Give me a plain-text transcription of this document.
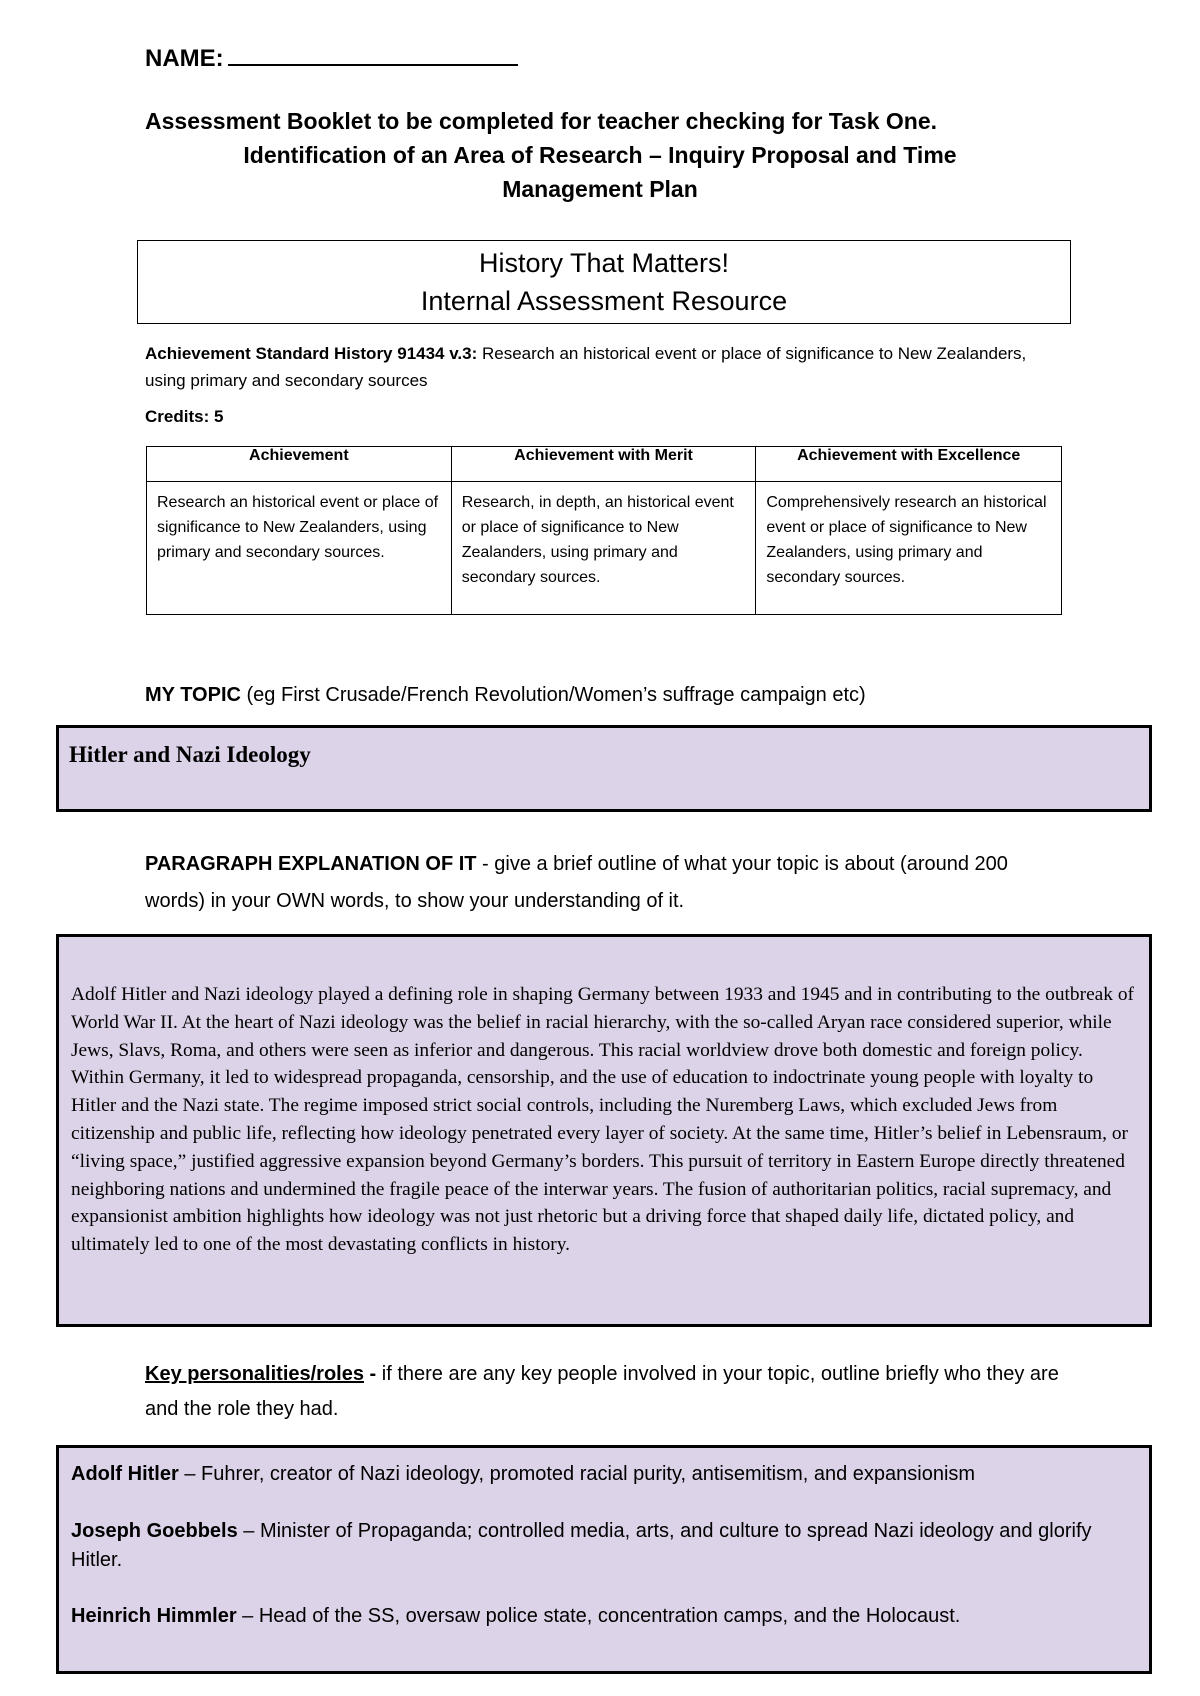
NAME:
Assessment Booklet to be completed for teacher checking for Task One.
Identification of an Area of Research – Inquiry Proposal and Time
Management Plan
History That Matters!
Internal Assessment Resource
Achievement Standard History 91434 v.3: Research an historical event or place of significance to New Zealanders, using primary and secondary sources
Credits: 5
Achievement	Achievement with Merit	Achievement with Excellence
Research an historical event or place of significance to New Zealanders, using primary and secondary sources.	Research, in depth, an historical event or place of significance to New Zealanders, using primary and secondary sources.	Comprehensively research an historical event or place of significance to New Zealanders, using primary and secondary sources.
MY TOPIC (eg First Crusade/French Revolution/Women’s suffrage campaign etc)
Hitler and Nazi Ideology
PARAGRAPH EXPLANATION OF IT - give a brief outline of what your topic is about (around 200 words) in your OWN words, to show your understanding of it.
Adolf Hitler and Nazi ideology played a defining role in shaping Germany between 1933 and 1945 and in contributing to the outbreak of World War II. At the heart of Nazi ideology was the belief in racial hierarchy, with the so-called Aryan race considered superior, while Jews, Slavs, Roma, and others were seen as inferior and dangerous. This racial worldview drove both domestic and foreign policy. Within Germany, it led to widespread propaganda, censorship, and the use of education to indoctrinate young people with loyalty to Hitler and the Nazi state. The regime imposed strict social controls, including the Nuremberg Laws, which excluded Jews from citizenship and public life, reflecting how ideology penetrated every layer of society. At the same time, Hitler’s belief in Lebensraum, or “living space,” justified aggressive expansion beyond Germany’s borders. This pursuit of territory in Eastern Europe directly threatened neighboring nations and undermined the fragile peace of the interwar years. The fusion of authoritarian politics, racial supremacy, and expansionist ambition highlights how ideology was not just rhetoric but a driving force that shaped daily life, dictated policy, and ultimately led to one of the most devastating conflicts in history.
Key personalities/roles - if there are any key people involved in your topic, outline briefly who they are and the role they had.
Adolf Hitler – Fuhrer, creator of Nazi ideology, promoted racial purity, antisemitism, and expansionism
Joseph Goebbels – Minister of Propaganda; controlled media, arts, and culture to spread Nazi ideology and glorify Hitler.
Heinrich Himmler – Head of the SS, oversaw police state, concentration camps, and the Holocaust.
